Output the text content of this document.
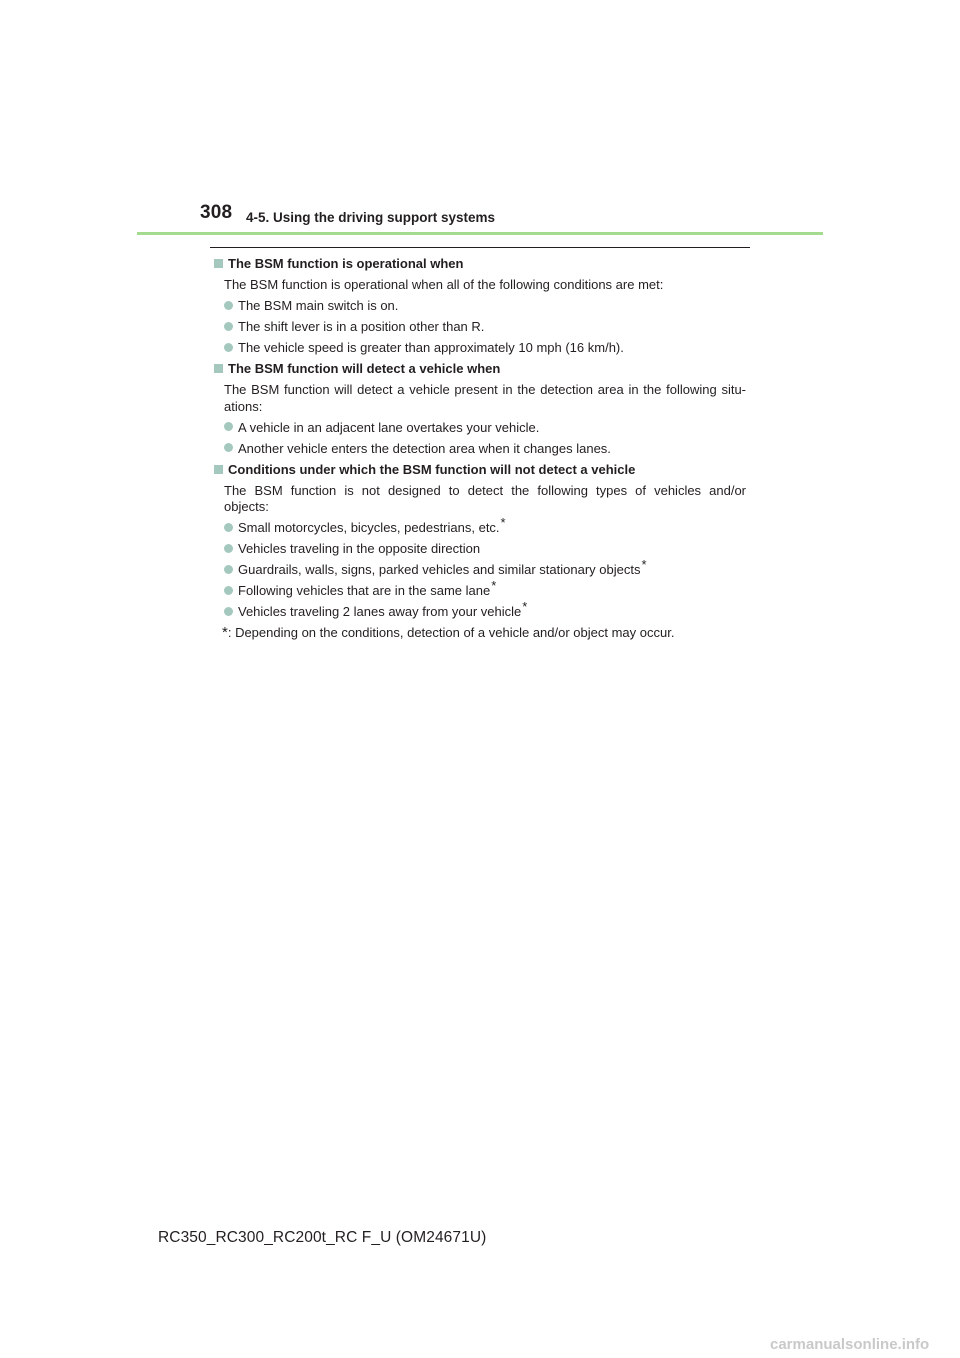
308 4-5. Using the driving support systems
The BSM function is operational when
The BSM function is operational when all of the following conditions are met:
The BSM main switch is on.
The shift lever is in a position other than R.
The vehicle speed is greater than approximately 10 mph (16 km/h).
The BSM function will detect a vehicle when
The BSM function will detect a vehicle present in the detection area in the following situ-
ations:
A vehicle in an adjacent lane overtakes your vehicle.
Another vehicle enters the detection area when it changes lanes.
Conditions under which the BSM function will not detect a vehicle
The BSM function is not designed to detect the following types of vehicles and/or
objects:
Small motorcycles, bicycles, pedestrians, etc.*
Vehicles traveling in the opposite direction
Guardrails, walls, signs, parked vehicles and similar stationary objects*
Following vehicles that are in the same lane*
Vehicles traveling 2 lanes away from your vehicle*
* : Depending on the conditions, detection of a vehicle and/or object may occur.
RC350_RC300_RC200t_RC F_U (OM24671U)
carmanualsonline.info
